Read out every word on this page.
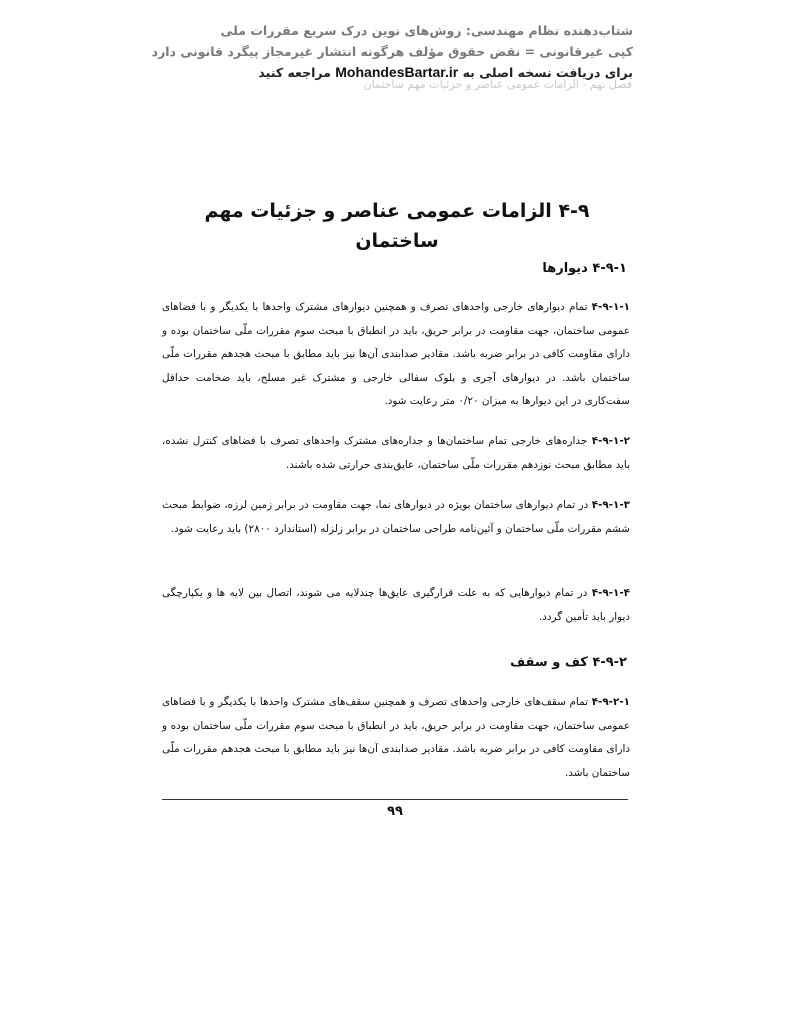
فصل نهم - الزامات عمومی عناصر و جزئیات مهم ساختمان
شتاب‌دهنده نظام مهندسی: روش‌های نوین درک سریع مقررات ملی
کپی غیرقانونی = نقض حقوق مؤلف هرگونه انتشار غیرمجاز پیگرد قانونی دارد
برای دریافت نسخه اصلی به MohandesBartar.ir مراجعه کنید
۴-۹ الزامات عمومی عناصر و جزئیات مهم ساختمان
۴-۹-۱ دیوارها
۴-۹-۱-۱ تمام دیوارهای خارجی واحدهای تصرف و همچنین دیوارهای مشترک واحدها با یکدیگر و با فضاهای عمومی ساختمان، جهت مقاومت در برابر حریق، باید در انطباق با مبحث سوم مقررات ملّی ساختمان بوده و دارای مقاومت کافی در برابر ضربه باشد. مقادیر صدابندی آن‌ها نیز باید مطابق با مبحث هجدهم مقررات ملّی ساختمان باشد. در دیوارهای آجری و بلوک سفالی خارجی و مشترک غیر مسلح، باید ضخامت حداقل سفت‌کاری در این دیوارها به میزان ۰/۲۰ متر رعایت شود.
۴-۹-۱-۲ جداره‌های خارجی تمام ساختمان‌ها و جداره‌های مشترک واحدهای تصرف با فضاهای کنترل نشده، باید مطابق مبحث نوزدهم مقررات ملّی ساختمان، عایق‌بندی حرارتی شده باشند.
۴-۹-۱-۳ در تمام دیوارهای ساختمان بویژه در دیوارهای نما، جهت مقاومت در برابر زمین لرزه، ضوابط مبحث ششم مقررات ملّی ساختمان و آئین‌نامه طراحی ساختمان در برابر زلزله (استاندارد ۲۸۰۰) باید رعایت شود.
۴-۹-۱-۴ در تمام دیوارهایی که به علت قرارگیری عایق‌ها چندلایه می شوند، اتصال بین لایه ها و یکپارچگی دیوار باید تأمین گردد.
۴-۹-۲ کف و سقف
۴-۹-۲-۱ تمام سقف‌های خارجی واحدهای تصرف و همچنین سقف‌های مشترک واحدها با یکدیگر و با فضاهای عمومی ساختمان، جهت مقاومت در برابر حریق، باید در انطباق با مبحث سوم مقررات ملّی ساختمان بوده و دارای مقاومت کافی در برابر ضربه باشد. مقادیر صدابندی آن‌ها نیز باید مطابق با مبحث هجدهم مقررات ملّی ساختمان باشد.
۹۹
